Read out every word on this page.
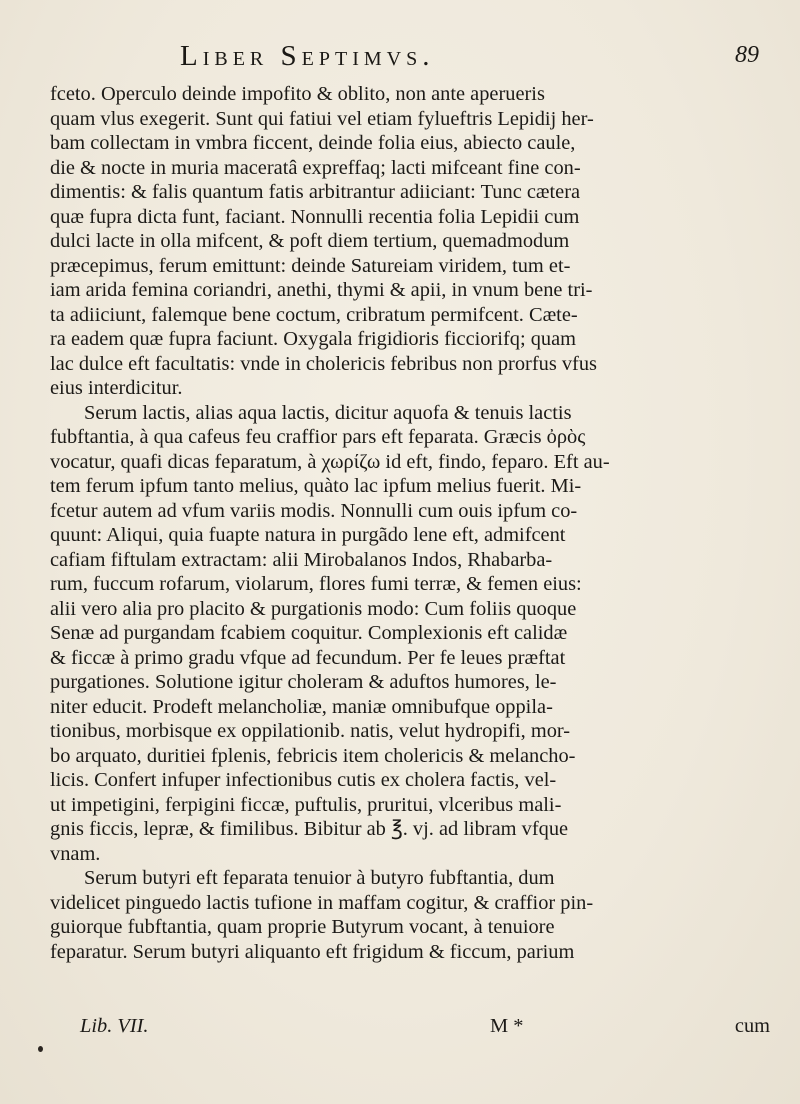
Liber Septimvs.	89
fceto. Operculo deinde impofito & oblito, non ante aperueris
quam vlus exegerit. Sunt qui fatiui vel etiam fylueftris Lepidij her-
bam collectam in vmbra ficcent, deinde folia eius, abiecto caule,
die & nocte in muria maceratâ expreffaq; lacti mifceant fine con-
dimentis: & falis quantum fatis arbitrantur adiiciant: Tunc cætera
quæ fupra dicta funt, faciant. Nonnulli recentia folia Lepidii cum
dulci lacte in olla mifcent, & poft diem tertium, quemadmodum
præcepimus, ferum emittunt: deinde Satureiam viridem, tum et-
iam arida femina coriandri, anethi, thymi & apii, in vnum bene tri-
ta adiiciunt, falemque bene coctum, cribratum permifcent. Cæte-
ra eadem quæ fupra faciunt. Oxygala frigidioris ficciorifq; quam
lac dulce eft facultatis: vnde in cholericis febribus non prorfus vfus
eius interdicitur.
Serum lactis, alias aqua lactis, dicitur aquofa & tenuis lactis
fubftantia, à qua cafeus feu craffior pars eft feparata. Græcis ὀρὸς
vocatur, quafi dicas feparatum, à χωρίζω id eft, findo, feparo. Eft au-
tem ferum ipfum tanto melius, quàto lac ipfum melius fuerit. Mi-
fcetur autem ad vfum variis modis. Nonnulli cum ouis ipfum co-
quunt: Aliqui, quia fuapte natura in purgãdo lene eft, admifcent
cafiam fiftulam extractam: alii Mirobalanos Indos, Rhabarba-
rum, fuccum rofarum, violarum, flores fumi terræ, & femen eius:
alii vero alia pro placito & purgationis modo: Cum foliis quoque
Senæ ad purgandam fcabiem coquitur. Complexionis eft calidæ
& ficcæ à primo gradu vfque ad fecundum. Per fe leues præftat
purgationes. Solutione igitur choleram & aduftos humores, le-
niter educit. Prodeft melancholiæ, maniæ omnibufque oppila-
tionibus, morbisque ex oppilationib. natis, velut hydropifi, mor-
bo arquato, duritiei fplenis, febricis item cholericis & melancho-
licis. Confert infuper infectionibus cutis ex cholera factis, vel-
ut impetigini, ferpigini ficcæ, puftulis, pruritui, vlceribus mali-
gnis ficcis, lepræ, & fimilibus. Bibitur ab ℥. vj. ad libram vfque
vnam.
Serum butyri eft feparata tenuior à butyro fubftantia, dum
videlicet pinguedo lactis tufione in maffam cogitur, & craffior pin-
guiorque fubftantia, quam proprie Butyrum vocant, à tenuiore
feparatur. Serum butyri aliquanto eft frigidum & ficcum, parium
Lib. VII.	M *	cum
